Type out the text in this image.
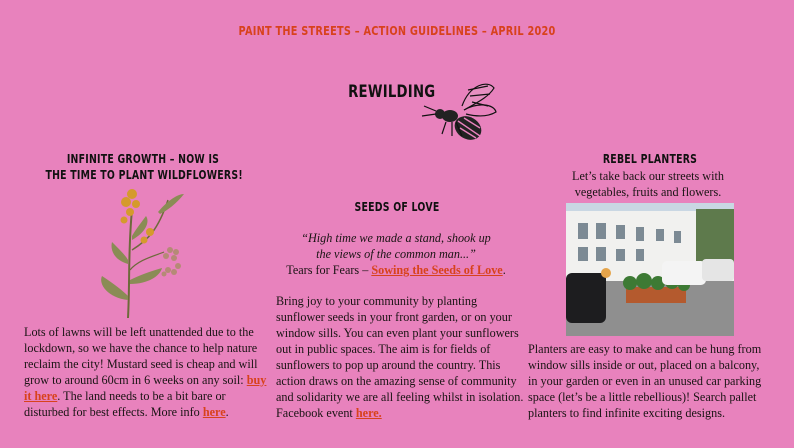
PAINT THE STREETS – ACTION GUIDELINES – APRIL 2020
REWILDING
INFINITE GROWTH – NOW IS
THE TIME TO PLANT WILDFLOWERS!
Lots of lawns will be left unattended due to the lockdown, so we have the chance to help nature reclaim the city! Mustard seed is cheap and will grow to around 60cm in 6 weeks on any soil: buy it here. The land needs to be a bit bare or disturbed for best effects. More info here.
SEEDS OF LOVE
“High time we made a stand, shook up
the views of the common man...”
Tears for Fears – Sowing the Seeds of Love.
Bring joy to your community by planting sunflower seeds in your front garden, or on your window sills. You can even plant your sunflowers out in public spaces. The aim is for fields of sunflowers to pop up around the country. This action draws on the amazing sense of community and solidarity we are all feeling whilst in isolation. Facebook event here.
REBEL PLANTERS
Let’s take back our streets with vegetables, fruits and flowers.
Planters are easy to make and can be hung from window sills inside or out, placed on a balcony, in your garden or even in an unused car parking space (let’s be a little rebellious)! Search pallet planters to find infinite exciting designs.
